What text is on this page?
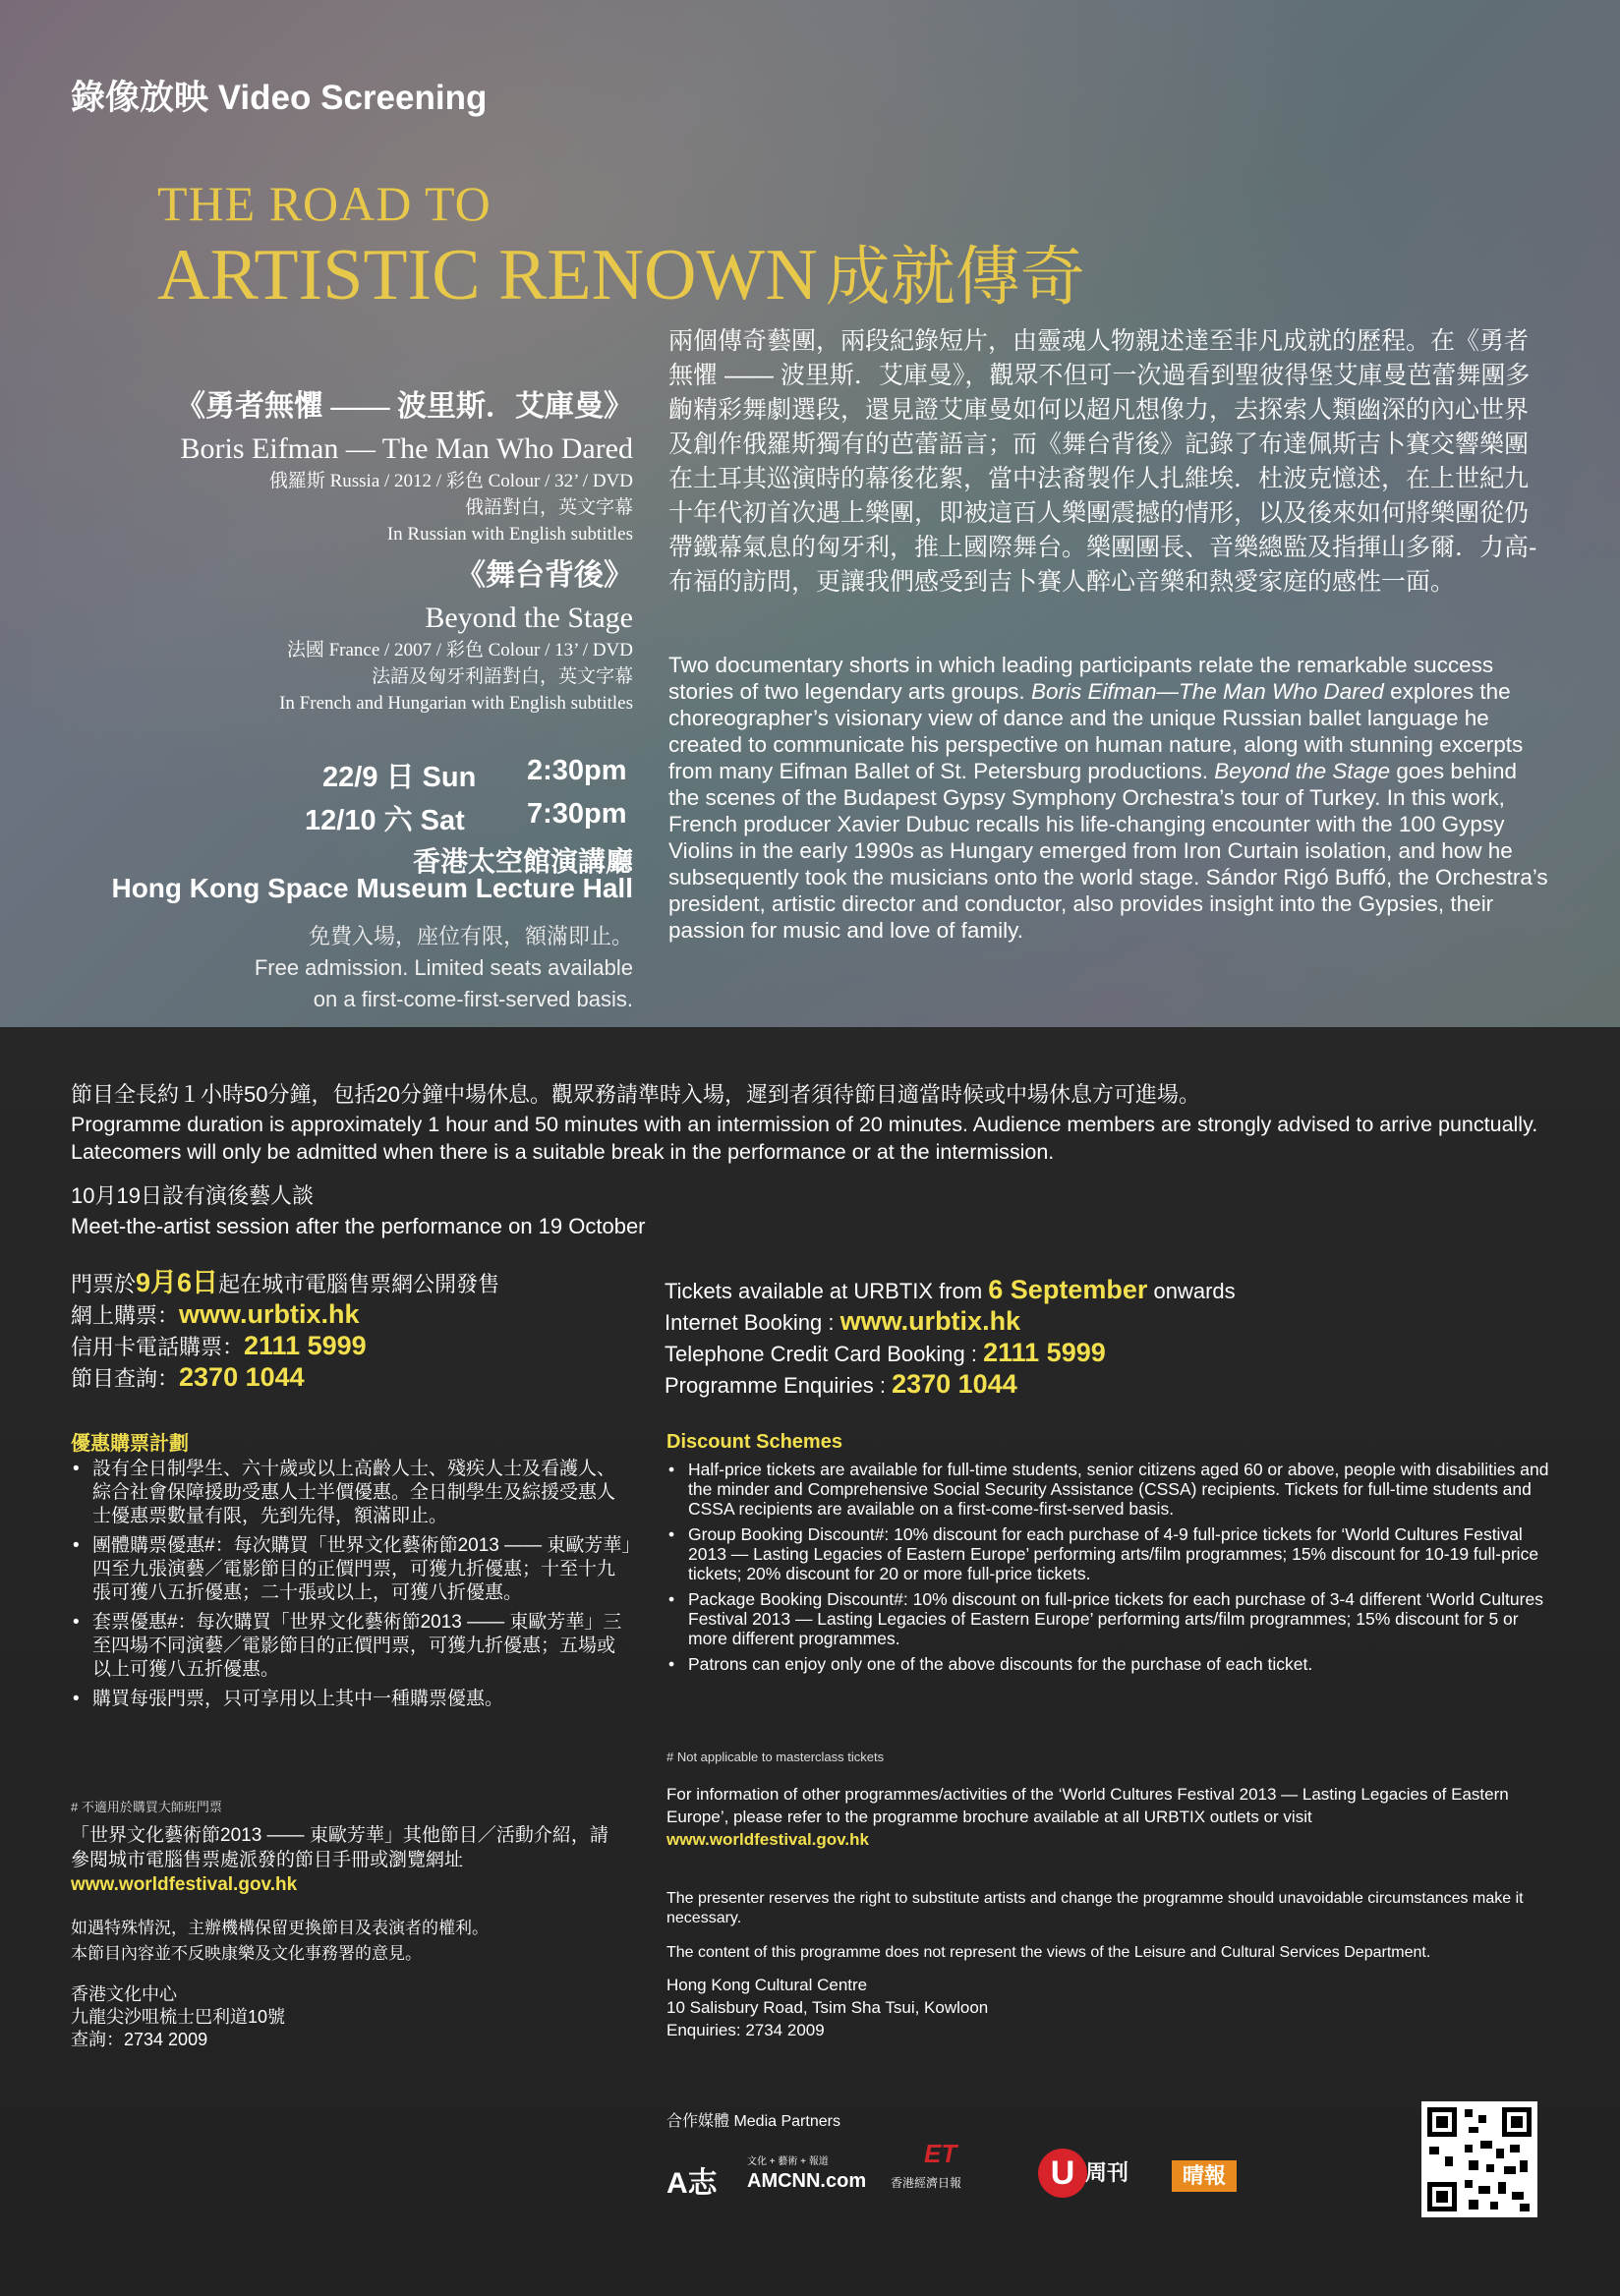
錄像放映 Video Screening
THE ROAD TO
ARTISTIC RENOWN 成就傳奇
《勇者無懼 —— 波里斯．艾庫曼》
Boris Eifman — The Man Who Dared
俄羅斯 Russia / 2012 / 彩色 Colour / 32’ / DVD
俄語對白，英文字幕
In Russian with English subtitles
《舞台背後》
Beyond the Stage
法國 France / 2007 / 彩色 Colour / 13’ / DVD
法語及匈牙利語對白，英文字幕
In French and Hungarian with English subtitles
22/9 日 Sun 2:30pm
12/10 六 Sat 7:30pm
香港太空館演講廳
Hong Kong Space Museum Lecture Hall
免費入場，座位有限，額滿即止。
Free admission. Limited seats available
on a first-come-first-served basis.
兩個傳奇藝團，兩段紀錄短片，由靈魂人物親述達至非凡成就的歷程。在《勇者無懼 —— 波里斯．艾庫曼》，觀眾不但可一次過看到聖彼得堡艾庫曼芭蕾舞團多齣精彩舞劇選段，還見證艾庫曼如何以超凡想像力，去探索人類幽深的內心世界及創作俄羅斯獨有的芭蕾語言；而《舞台背後》記錄了布達佩斯吉卜賽交響樂團在土耳其巡演時的幕後花絮，當中法裔製作人扎維埃．杜波克憶述，在上世紀九十年代初首次遇上樂團，即被這百人樂團震撼的情形，以及後來如何將樂團從仍帶鐵幕氣息的匈牙利，推上國際舞台。樂團團長、音樂總監及指揮山多爾．力高-布福的訪問，更讓我們感受到吉卜賽人醉心音樂和熱愛家庭的感性一面。
Two documentary shorts in which leading participants relate the remarkable success stories of two legendary arts groups. Boris Eifman—The Man Who Dared explores the choreographer’s visionary view of dance and the unique Russian ballet language he created to communicate his perspective on human nature, along with stunning excerpts from many Eifman Ballet of St. Petersburg productions. Beyond the Stage goes behind the scenes of the Budapest Gypsy Symphony Orchestra’s tour of Turkey. In this work, French producer Xavier Dubuc recalls his life-changing encounter with the 100 Gypsy Violins in the early 1990s as Hungary emerged from Iron Curtain isolation, and how he subsequently took the musicians onto the world stage. Sándor Rigó Buffó, the Orchestra’s president, artistic director and conductor, also provides insight into the Gypsies, their passion for music and love of family.
節目全長約１小時50分鐘，包括20分鐘中場休息。觀眾務請準時入場，遲到者須待節目適當時候或中場休息方可進場。
Programme duration is approximately 1 hour and 50 minutes with an intermission of 20 minutes. Audience members are strongly advised to arrive punctually. Latecomers will only be admitted when there is a suitable break in the performance or at the intermission.
10月19日設有演後藝人談
Meet-the-artist session after the performance on 19 October
門票於9月6日起在城市電腦售票網公開發售
網上購票：www.urbtix.hk
信用卡電話購票：2111 5999
節目查詢：2370 1044
Tickets available at URBTIX from 6 September onwards
Internet Booking : www.urbtix.hk
Telephone Credit Card Booking : 2111 5999
Programme Enquiries : 2370 1044
優惠購票計劃
• 設有全日制學生、六十歲或以上高齡人士、殘疾人士及看護人、綜合社會保障援助受惠人士半價優惠。全日制學生及綜援受惠人士優惠票數量有限，先到先得，額滿即止。
• 團體購票優惠#：每次購買「世界文化藝術節2013 —— 東歐芳華」四至九張演藝／電影節目的正價門票，可獲九折優惠；十至十九張可獲八五折優惠；二十張或以上，可獲八折優惠。
• 套票優惠#：每次購買「世界文化藝術節2013 —— 東歐芳華」三至四場不同演藝／電影節目的正價門票，可獲九折優惠；五場或以上可獲八五折優惠。
• 購買每張門票，只可享用以上其中一種購票優惠。
# 不適用於購買大師班門票
Discount Schemes
• Half-price tickets are available for full-time students, senior citizens aged 60 or above, people with disabilities and the minder and Comprehensive Social Security Assistance (CSSA) recipients. Tickets for full-time students and CSSA recipients are available on a first-come-first-served basis.
• Group Booking Discount#: 10% discount for each purchase of 4-9 full-price tickets for ‘World Cultures Festival 2013 — Lasting Legacies of Eastern Europe’ performing arts/film programmes; 15% discount for 10-19 full-price tickets; 20% discount for 20 or more full-price tickets.
• Package Booking Discount#: 10% discount on full-price tickets for each purchase of 3-4 different ‘World Cultures Festival 2013 — Lasting Legacies of Eastern Europe’ performing arts/film programmes; 15% discount for 5 or more different programmes.
• Patrons can enjoy only one of the above discounts for the purchase of each ticket.
# Not applicable to masterclass tickets
「世界文化藝術節2013 —— 東歐芳華」其他節目／活動介紹，請參閱城市電腦售票處派發的節目手冊或瀏覽網址
www.worldfestival.gov.hk
如遇特殊情況，主辦機構保留更換節目及表演者的權利。
本節目內容並不反映康樂及文化事務署的意見。
香港文化中心
九龍尖沙咀梳士巴利道10號
查詢：2734 2009
For information of other programmes/activities of the ‘World Cultures Festival 2013 — Lasting Legacies of Eastern Europe’, please refer to the programme brochure available at all URBTIX outlets or visit
www.worldfestival.gov.hk
The presenter reserves the right to substitute artists and change the programme should unavoidable circumstances make it necessary.
The content of this programme does not represent the views of the Leisure and Cultural Services Department.
Hong Kong Cultural Centre
10 Salisbury Road, Tsim Sha Tsui, Kowloon
Enquiries: 2734 2009
合作媒體 Media Partners
A志
文化 + 藝術 + 報道
AMCNN.com
ET
香港經濟日報	U 周刊	晴報
